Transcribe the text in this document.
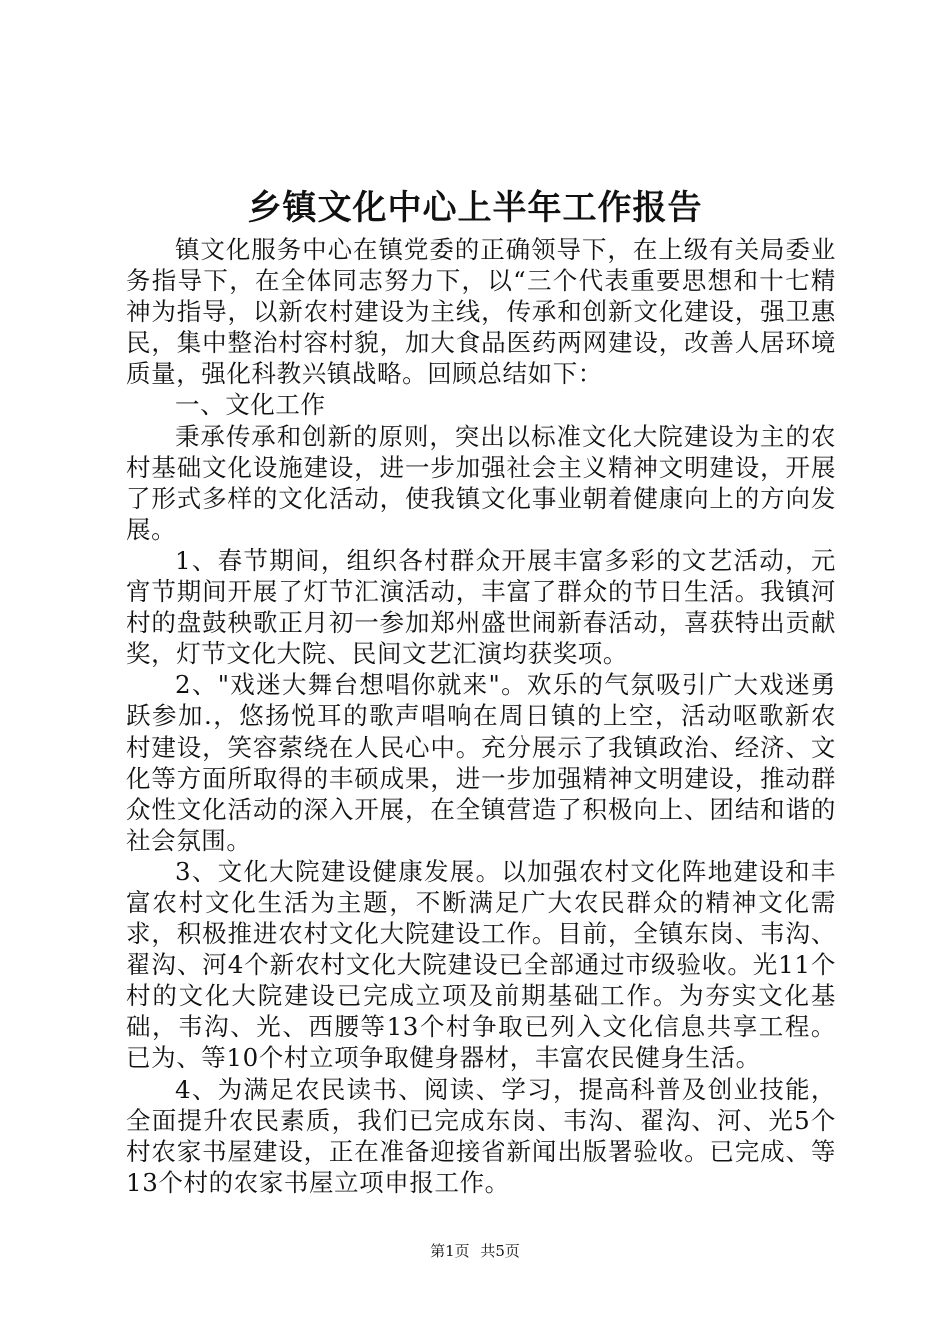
乡镇文化中心上半年工作报告

镇文化服务中心在镇党委的正确领导下，在上级有关局委业务指导下，在全体同志努力下，以“三个代表重要思想和十七精神为指导，以新农村建设为主线，传承和创新文化建设，强卫惠民，集中整治村容村貌，加大食品医药两网建设，改善人居环境质量，强化科教兴镇战略。回顾总结如下：

一、文化工作

秉承传承和创新的原则，突出以标准文化大院建设为主的农村基础文化设施建设，进一步加强社会主义精神文明建设，开展了形式多样的文化活动，使我镇文化事业朝着健康向上的方向发展。

1、春节期间，组织各村群众开展丰富多彩的文艺活动，元宵节期间开展了灯节汇演活动，丰富了群众的节日生活。我镇河村的盘鼓秧歌正月初一参加郑州盛世闹新春活动，喜获特出贡献奖，灯节文化大院、民间文艺汇演均获奖项。

2、"戏迷大舞台想唱你就来"。欢乐的气氛吸引广大戏迷勇跃参加.，悠扬悦耳的歌声唱响在周日镇的上空，活动呕歌新农村建设，笑容萦绕在人民心中。充分展示了我镇政治、经济、文化等方面所取得的丰硕成果，进一步加强精神文明建设，推动群众性文化活动的深入开展，在全镇营造了积极向上、团结和谐的社会氛围。

3、文化大院建设健康发展。以加强农村文化阵地建设和丰富农村文化生活为主题，不断满足广大农民群众的精神文化需求，积极推进农村文化大院建设工作。目前，全镇东岗、韦沟、翟沟、河4个新农村文化大院建设已全部通过市级验收。光11个村的文化大院建设已完成立项及前期基础工作。为夯实文化基础，韦沟、光、西腰等13个村争取已列入文化信息共享工程。已为、等10个村立项争取健身器材，丰富农民健身生活。

4、为满足农民读书、阅读、学习，提高科普及创业技能，全面提升农民素质，我们已完成东岗、韦沟、翟沟、河、光5个村农家书屋建设，正在准备迎接省新闻出版署验收。已完成、等13个村的农家书屋立项申报工作。

第1页 共5页
